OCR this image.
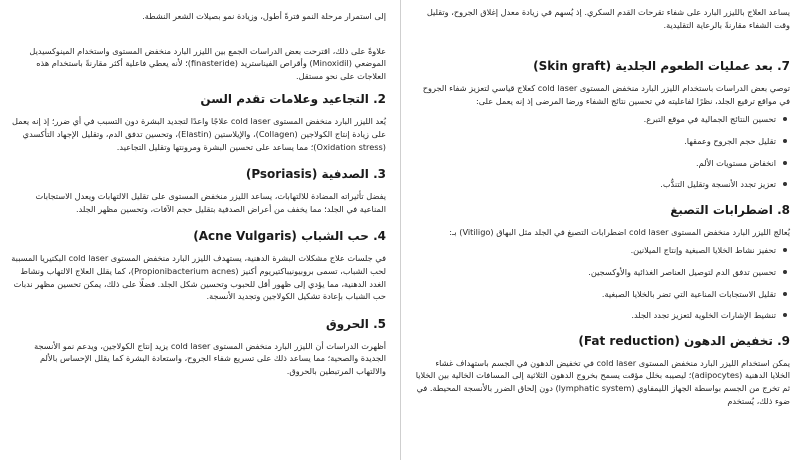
إلى استمرار مرحلة النمو فترةً أطول، وزيادة نمو بصيلات الشعر النشطة.

علاوةً على ذلك، اقترحت بعض الدراسات الجمع بين الليزر البارد منخفض المستوى واستخدام المينوكسيديل الموضعي (Minoxidil) وأقراص الفيناستريد (finasteride)؛ لأنه يعطي فاعلية أكثر مقارنةً باستخدام هذه العلاجات على نحو مستقل.

2. التجاعيد وعلامات تقدم السن

يُعد الليزر البارد منخفض المستوى cold laser علاجًا واعدًا لتجديد البشرة دون التسبب في أي ضرر؛ إذ إنه يعمل على زيادة إنتاج الكولاجين (Collagen)، والإيلاستين (Elastin)، وتحسين تدفق الدم، وتقليل الإجهاد التأكسدي (Oxidation stress)؛ مما يساعد على تحسين البشرة ومرونتها وتقليل التجاعيد.

3. الصدفية (Psoriasis)

يفضل تأثيراته المضادة للالتهابات، يساعد الليزر منخفض المستوى على تقليل الالتهابات ويعدل الاستجابات المناعية في الجلد؛ مما يخفف من أعراض الصدفية بتقليل حجم الآفات، وتحسين مظهر الجلد.

4. حب الشباب (Acne Vulgaris)

في جلسات علاج مشكلات البشرة الدهنية، يستهدف الليزر البارد منخفض المستوى cold laser البكتيريا المسببة لحب الشباب، تسمى بروبيونيباكتيريوم أكنيز (Propionibacterium acnes)، كما يقلل العلاج الالتهاب ونشاط الغدد الدهنية، مما يؤدي إلى ظهور أقل للحبوب وتحسين شكل الجلد. فضلًا على ذلك، يمكن تحسين مظهر ندبات حب الشباب بإعادة تشكيل الكولاجين وتجديد الأنسجة.

5. الحروق

أظهرت الدراسات أن الليزر البارد منخفض المستوى cold laser يزيد إنتاج الكولاجين، ويدعم نمو الأنسجة الجديدة والصحية؛ مما يساعد ذلك على تسريع شفاء الجروح، واستعادة البشرة كما يقلل الإحساس بالألم والالتهاب المرتبطين بالحروق.

يساعد العلاج بالليزر البارد على شفاء تقرحات القدم السكري. إذ يُسهم في زيادة معدل إغلاق الجروح، وتقليل وقت الشفاء مقارنةً بالرعاية التقليدية.

7. بعد عمليات الطعوم الجلدية (Skin graft)

توصي بعض الدراسات باستخدام الليزر البارد منخفض المستوى cold laser كعلاج قياسي لتعزيز شفاء الجروح في مواقع ترقيع الجلد، نظرًا لفاعليته في تحسين نتائج الشفاء ورضا المرضى إذ إنه يعمل على:

تحسين النتائج الجمالية في موقع التبرع.
تقليل حجم الجروح وعمقها.
انخفاض مستويات الألم.
تعزيز تجدد الأنسجة وتقليل التندُّب.
8. اضطرابات التصبغ

يُعالج الليزر البارد منخفض المستوى cold laser اضطرابات التصبغ في الجلد مثل البهاق (Vitiligo) بـ:

تحفيز نشاط الخلايا الصبغية وإنتاج الميلانين.
تحسين تدفق الدم لتوصيل العناصر الغذائية والأوكسجين.
تقليل الاستجابات المناعية التي تضر بالخلايا الصبغية.
تنشيط الإشارات الخلوية لتعزيز تجدد الجلد.
9. تخفيض الدهون (Fat reduction)

يمكن استخدام الليزر البارد منخفض المستوى cold laser في تخفيض الدهون في الجسم باستهداف غشاء الخلايا الدهنية (adipocytes)؛ ليصيبه بخلل مؤقت يسمح بخروج الدهون الثلاثية إلى المسافات الخالية بين الخلايا ثم تخرج من الجسم بواسطة الجهاز الليمفاوي (lymphatic system) دون إلحاق الضرر بالأنسجة المحيطة. في ضوء ذلك، يُستخدم
